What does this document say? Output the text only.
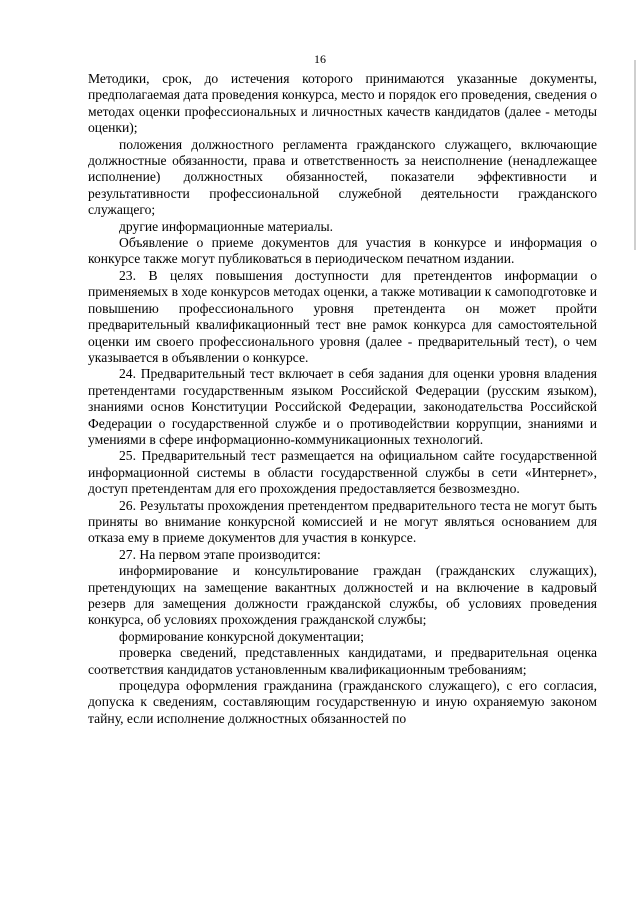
16

Методики, срок, до истечения которого принимаются указанные документы, предполагаемая дата проведения конкурса, место и порядок его проведения, сведения о методах оценки профессиональных и личностных качеств кандидатов (далее - методы оценки);

положения должностного регламента гражданского служащего, включающие должностные обязанности, права и ответственность за неисполнение (ненадлежащее исполнение) должностных обязанностей, показатели эффективности и результативности профессиональной служебной деятельности гражданского служащего;

другие информационные материалы.

Объявление о приеме документов для участия в конкурсе и информация о конкурсе также могут публиковаться в периодическом печатном издании.

23. В целях повышения доступности для претендентов информации о применяемых в ходе конкурсов методах оценки, а также мотивации к самоподготовке и повышению профессионального уровня претендента он может пройти предварительный квалификационный тест вне рамок конкурса для самостоятельной оценки им своего профессионального уровня (далее - предварительный тест), о чем указывается в объявлении о конкурсе.

24. Предварительный тест включает в себя задания для оценки уровня владения претендентами государственным языком Российской Федерации (русским языком), знаниями основ Конституции Российской Федерации, законодательства Российской Федерации о государственной службе и о противодействии коррупции, знаниями и умениями в сфере информационно-коммуникационных технологий.

25. Предварительный тест размещается на официальном сайте государственной информационной системы в области государственной службы в сети «Интернет», доступ претендентам для его прохождения предоставляется безвозмездно.

26. Результаты прохождения претендентом предварительного теста не могут быть приняты во внимание конкурсной комиссией и не могут являться основанием для отказа ему в приеме документов для участия в конкурсе.

27. На первом этапе производится:

информирование и консультирование граждан (гражданских служащих), претендующих на замещение вакантных должностей и на включение в кадровый резерв для замещения должности гражданской службы, об условиях проведения конкурса, об условиях прохождения гражданской службы;

формирование конкурсной документации;

проверка сведений, представленных кандидатами, и предварительная оценка соответствия кандидатов установленным квалификационным требованиям;

процедура оформления гражданина (гражданского служащего), с его согласия, допуска к сведениям, составляющим государственную и иную охраняемую законом тайну, если исполнение должностных обязанностей по
